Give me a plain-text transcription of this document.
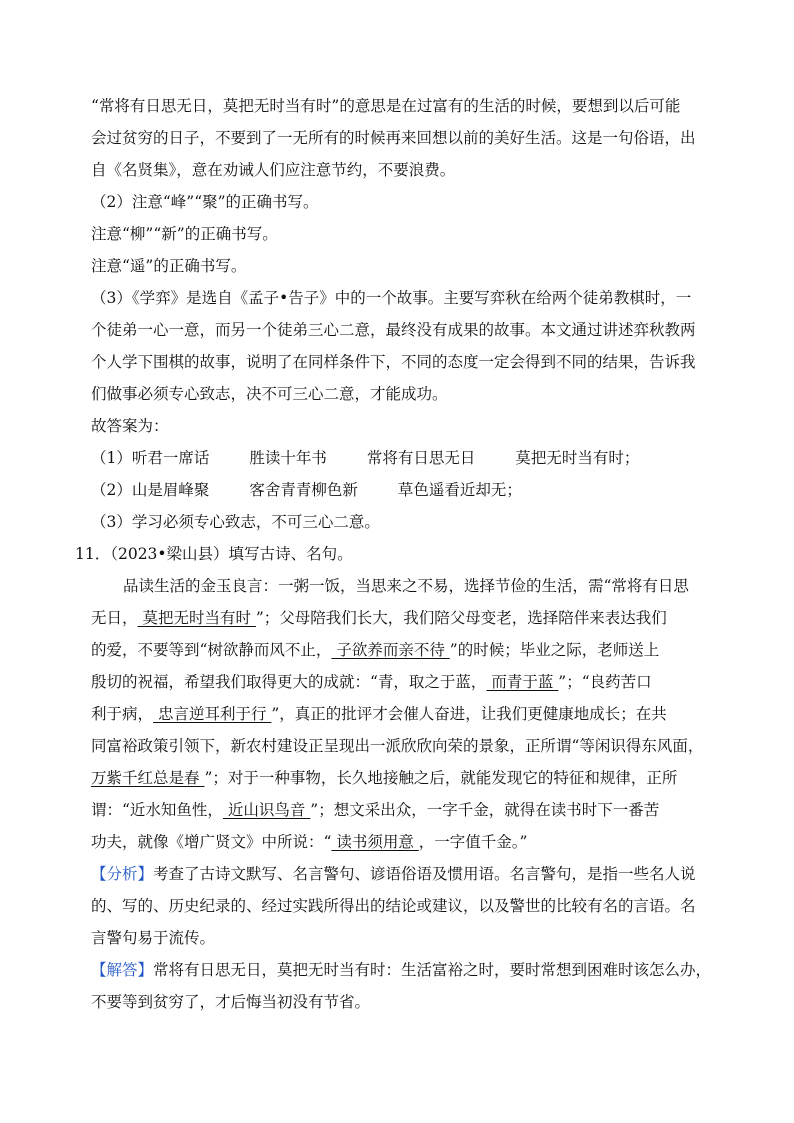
“常将有日思无日，莫把无时当有时”的意思是在过富有的生活的时候，要想到以后可能
会过贫穷的日子，不要到了一无所有的时候再来回想以前的美好生活。这是一句俗语，出
自《名贤集》，意在劝诫人们应注意节约，不要浪费。
（2）注意“峰”“聚”的正确书写。
注意“柳”“新”的正确书写。
注意“遥”的正确书写。
（3）《学弈》是选自《孟子•告子》中的一个故事。主要写弈秋在给两个徒弟教棋时，一
个徒弟一心一意，而另一个徒弟三心二意，最终没有成果的故事。本文通过讲述弈秋教两
个人学下围棋的故事，说明了在同样条件下，不同的态度一定会得到不同的结果，告诉我
们做事必须专心致志，决不可三心二意，才能成功。
故答案为：
（1）听君一席话	胜读十年书	常将有日思无日	莫把无时当有时；
（2）山是眉峰聚	客舍青青柳色新	草色遥看近却无；
（3）学习必须专心致志，不可三心二意。
11．（2023•梁山县）填写古诗、名句。
品读生活的金玉良言：一粥一饭，当思来之不易，选择节俭的生活，需“常将有日思
无日， 莫把无时当有时 ”；父母陪我们长大，我们陪父母变老，选择陪伴来表达我们
的爱，不要等到“树欲静而风不止， 子欲养而亲不待 ”的时候；毕业之际，老师送上
殷切的祝福，希望我们取得更大的成就：“青，取之于蓝， 而青于蓝 ”；“良药苦口
利于病， 忠言逆耳利于行 ”，真正的批评才会催人奋进，让我们更健康地成长；在共
同富裕政策引领下，新农村建设正呈现出一派欣欣向荣的景象，正所谓“等闲识得东风面，
万紫千红总是春 ”；对于一种事物，长久地接触之后，就能发现它的特征和规律，正所
谓：“近水知鱼性， 近山识鸟音 ”；想文采出众，一字千金，就得在读书时下一番苦
功夫，就像《增广贤文》中所说：“ 读书须用意 ，一字值千金。”
【分析】考查了古诗文默写、名言警句、谚语俗语及惯用语。名言警句，是指一些名人说
的、写的、历史纪录的、经过实践所得出的结论或建议，以及警世的比较有名的言语。名
言警句易于流传。
【解答】常将有日思无日，莫把无时当有时：生活富裕之时，要时常想到困难时该怎么办，
不要等到贫穷了，才后悔当初没有节省。
